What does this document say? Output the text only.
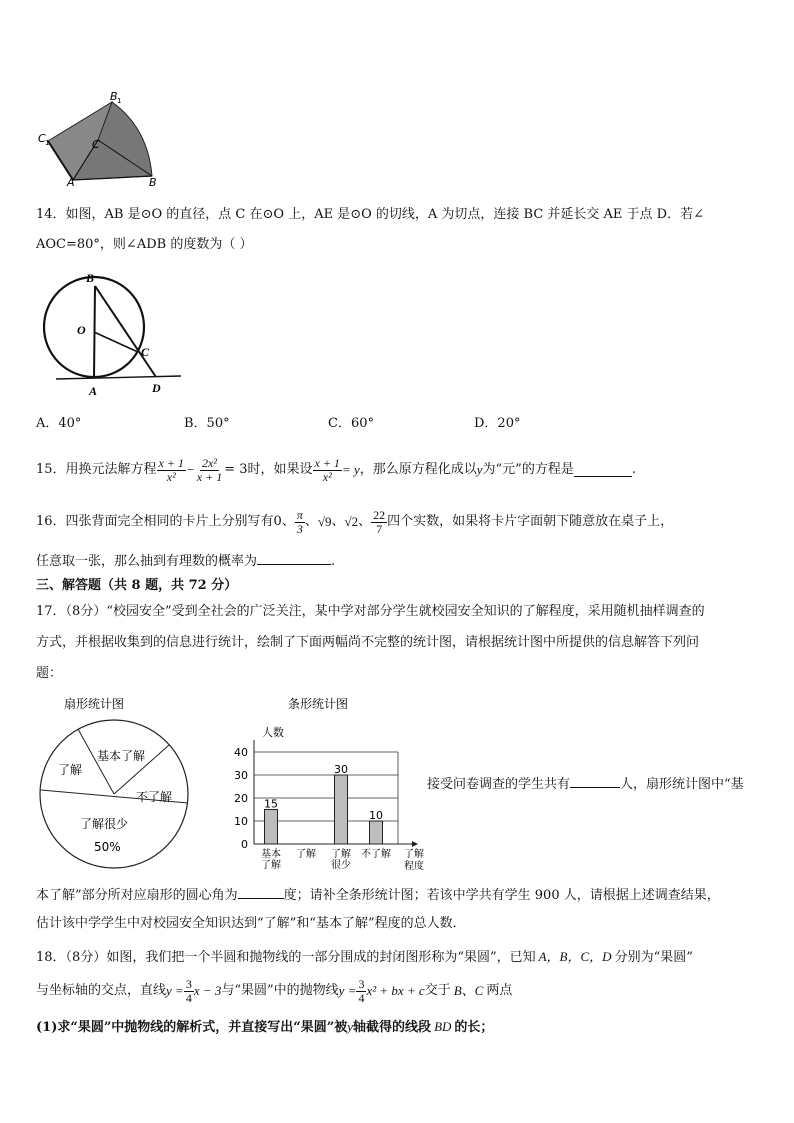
B 1
C 1	C
A	B
14．如图，AB 是⊙O 的直径，点 C 在⊙O 上，AE 是⊙O 的切线，A 为切点，连接 BC 并延长交 AE 于点 D．若∠
AOC=80°，则∠ADB 的度数为（ ）
B
O
C
A	D
A．40°	B．50°	C．60°	D．20°
15．用换元法解方程 $\frac{x + 1}{\text{x²}} - \frac{\text{2x²}}{x + 1} = 3$时，如果设 $\frac{x + 1}{\text{x²}} = y$ ，那么原方程化成以 y 为“元”的方程是	.
16．四张背面完全相同的卡片上分别写有0、 $\frac{\pi}{3}$ 、 √9 、 √2 、 $\frac{22}{7}$ 四个实数，如果将卡片字面朝下随意放在桌子上，
任意取一张，那么抽到有理数的概率为	.
三、解答题（共 8 题，共 72 分）
17．（8分）“校园安全”受到全社会的广泛关注，某中学对部分学生就校园安全知识的了解程度，采用随机抽样调查的
方式，并根据收集到的信息进行统计，绘制了下面两幅尚不完整的统计图，请根据统计图中所提供的信息解答下列问
题：
扇形统计图
基本了解
了解
不了解
了解很少
50%
条形统计图
人数
0
10
20
30
40
15
30
10
基本
了解
了解 了解
很少
不了解 了解
程度
接受问卷调查的学生共有	人，扇形统计图中“基
本了解”部分所对应扇形的圆心角为	度；请补全条形统计图；若该中学共有学生 900 人，请根据上述调查结果，
估计该中学学生中对校园安全知识达到“了解”和“基本了解”程度的总人数．
18．（8分）如图，我们把一个半圆和抛物线的一部分围成的封闭图形称为“果圆”，已知 A，B，C，D 分别为“果圆”
与坐标轴的交点，直线 $y = \frac{3}{4}$ x − 3 与“果圆”中的抛物线 $y = \frac{3}{4} x^2$ + bx + c 交于 B、C 两点
(1)求“果圆”中抛物线的解析式，并直接写出“果圆”被y轴截得的线段 BD 的长；
